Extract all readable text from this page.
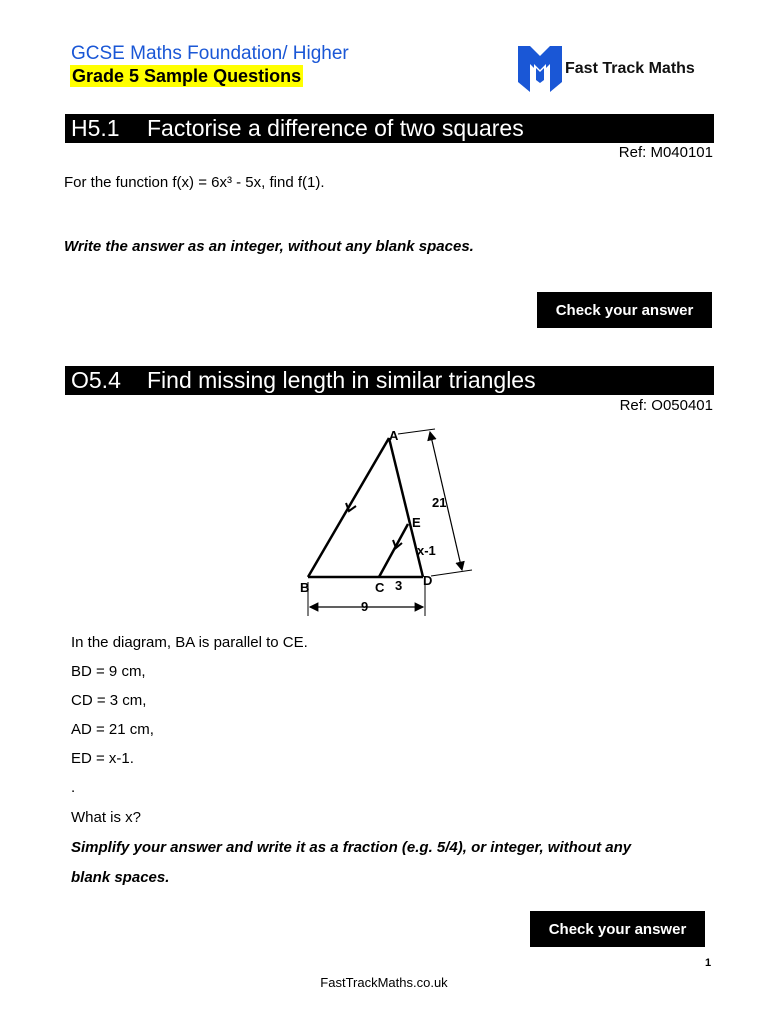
GCSE Maths Foundation/ Higher
Grade 5 Sample Questions	Fast Track Maths
H5.1 Factorise a difference of two squares
Ref: M040101
For the function f(x) = 6x³ - 5x, find f(1).
Write the answer as an integer, without any blank spaces.
Check your answer
O5.4 Find missing length in similar triangles
Ref: O050401
A
B	C	D
E
21
x-1
3
9
In the diagram, BA is parallel to CE.
BD = 9 cm,
CD = 3 cm,
AD = 21 cm,
ED = x-1.
.
What is x?
Simplify your answer and write it as a fraction (e.g. 5/4), or integer, without any
blank spaces.
Check your answer
1
FastTrackMaths.co.uk
